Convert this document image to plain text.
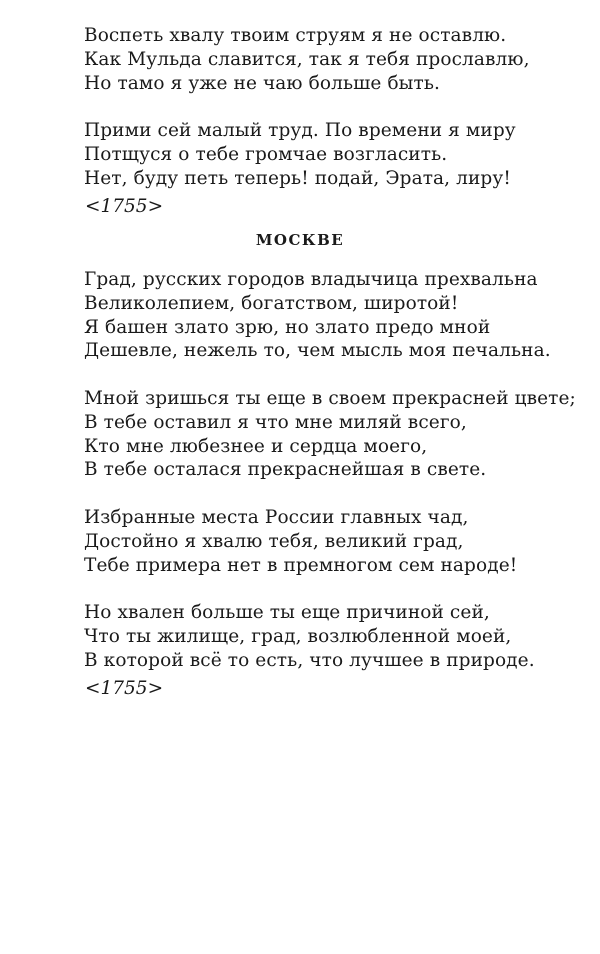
Воспеть хвалу твоим струям я не оставлю.
Как Мульда славится, так я тебя прославлю,
Но тамо я уже не чаю больше быть.
Прими сей малый труд. По времени я миру
Потщуся о тебе громчае возгласить.
Нет, буду петь теперь! подай, Эрата, лиру!
<1755>
МОСКВЕ
Град, русских городов владычица прехвальна
Великолепием, богатством, широтой!
Я башен злато зрю, но злато предо мной
Дешевле, нежель то, чем мысль моя печальна.
Мной зришься ты еще в своем прекрасней цвете;
В тебе оставил я что мне миляй всего,
Кто мне любезнее и сердца моего,
В тебе осталася прекраснейшая в свете.
Избранные места России главных чад,
Достойно я хвалю тебя, великий град,
Тебе примера нет в премногом сем народе!
Но хвален больше ты еще причиной сей,
Что ты жилище, град, возлюбленной моей,
В которой всё то есть, что лучшее в природе.
<1755>
